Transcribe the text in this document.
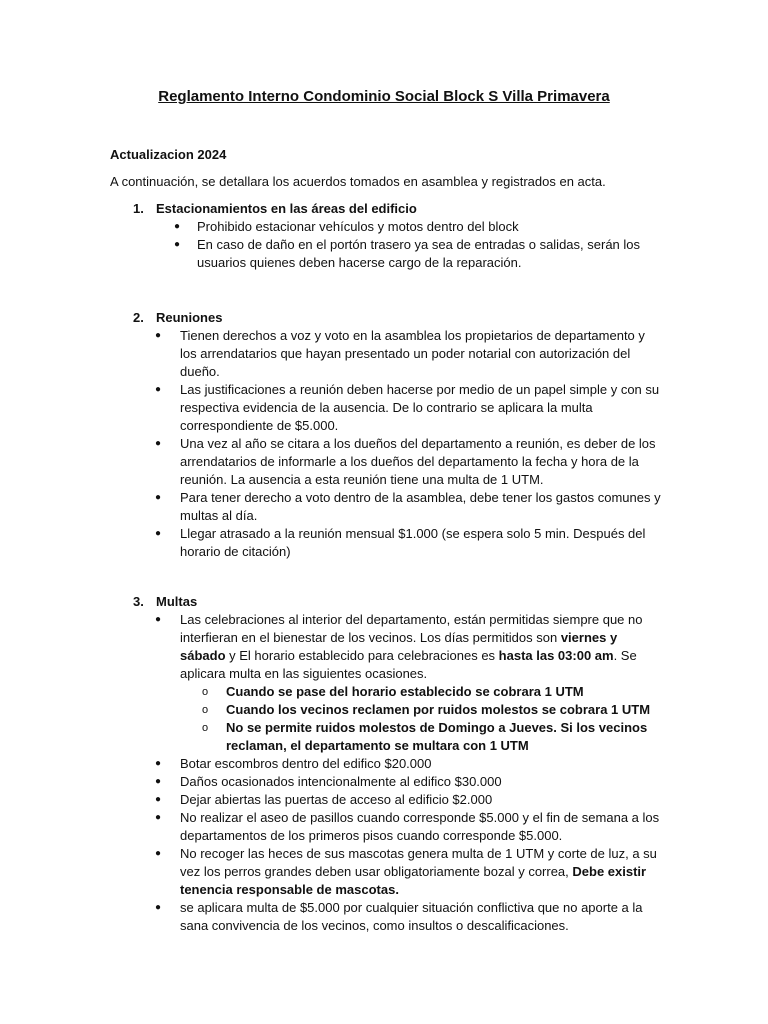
Reglamento Interno Condominio Social Block S Villa Primavera

Actualizacion 2024

A continuación, se detallara los acuerdos tomados en asamblea y registrados en acta.

1. Estacionamientos en las áreas del edificio
● Prohibido estacionar vehículos y motos dentro del block
● En caso de daño en el portón trasero ya sea de entradas o salidas, serán los usuarios quienes deben hacerse cargo de la reparación.
2. Reuniones
● Tienen derechos a voz y voto en la asamblea los propietarios de departamento y los arrendatarios que hayan presentado un poder notarial con autorización del dueño.
● Las justificaciones a reunión deben hacerse por medio de un papel simple y con su respectiva evidencia de la ausencia. De lo contrario se aplicara la multa correspondiente de $5.000.
● Una vez al año se citara a los dueños del departamento a reunión, es deber de los arrendatarios de informarle a los dueños del departamento la fecha y hora de la reunión. La ausencia a esta reunión tiene una multa de 1 UTM.
● Para tener derecho a voto dentro de la asamblea, debe tener los gastos comunes y multas al día.
● Llegar atrasado a la reunión mensual $1.000 (se espera solo 5 min. Después del horario de citación)
3. Multas
● Las celebraciones al interior del departamento, están permitidas siempre que no interfieran en el bienestar de los vecinos. Los días permitidos son viernes y sábado y El horario establecido para celebraciones es hasta las 03:00 am. Se aplicara multa en las siguientes ocasiones.
o Cuando se pase del horario establecido se cobrara 1 UTM
o Cuando los vecinos reclamen por ruidos molestos se cobrara 1 UTM
o No se permite ruidos molestos de Domingo a Jueves. Si los vecinos reclaman, el departamento se multara con 1 UTM
● Botar escombros dentro del edifico $20.000
● Daños ocasionados intencionalmente al edifico $30.000
● Dejar abiertas las puertas de acceso al edificio $2.000
● No realizar el aseo de pasillos cuando corresponde $5.000 y el fin de semana a los departamentos de los primeros pisos cuando corresponde $5.000.
● No recoger las heces de sus mascotas genera multa de 1 UTM y corte de luz, a su vez los perros grandes deben usar obligatoriamente bozal y correa, Debe existir tenencia responsable de mascotas.
● se aplicara multa de $5.000 por cualquier situación conflictiva que no aporte a la sana convivencia de los vecinos, como insultos o descalificaciones.
